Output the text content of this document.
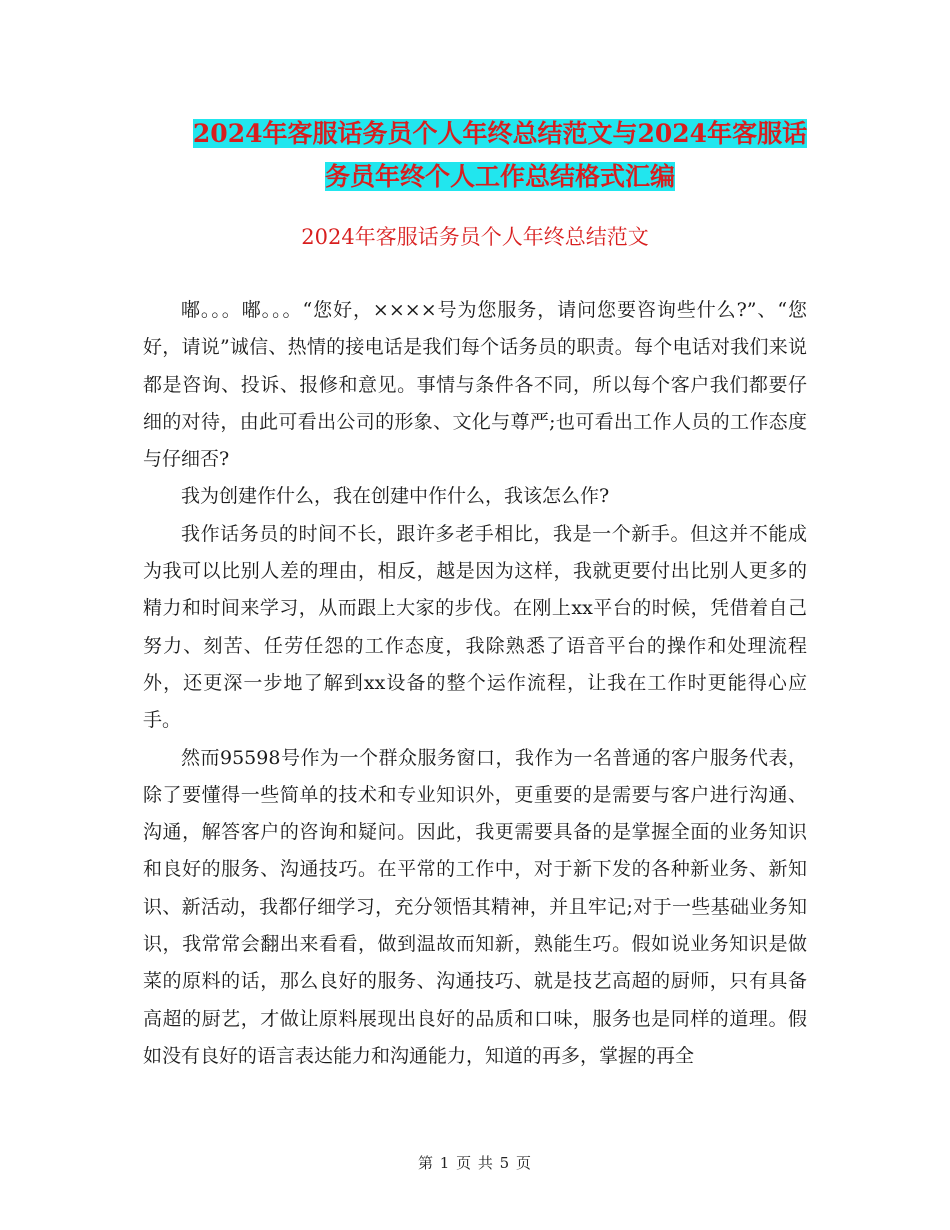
2024年客服话务员个人年终总结范文与2024年客服话
务员年终个人工作总结格式汇编
2024年客服话务员个人年终总结范文

嘟。。。嘟。。。“您好，××××号为您服务，请问您要咨询些什么?”、“您好，请说”诚信、热情的接电话是我们每个话务员的职责。每个电话对我们来说都是咨询、投诉、报修和意见。事情与条件各不同，所以每个客户我们都要仔细的对待，由此可看出公司的形象、文化与尊严;也可看出工作人员的工作态度与仔细否?

我为创建作什么，我在创建中作什么，我该怎么作?

我作话务员的时间不长，跟许多老手相比，我是一个新手。但这并不能成为我可以比别人差的理由，相反，越是因为这样，我就更要付出比别人更多的精力和时间来学习，从而跟上大家的步伐。在刚上xx平台的时候，凭借着自己努力、刻苦、任劳任怨的工作态度，我除熟悉了语音平台的操作和处理流程外，还更深一步地了解到xx设备的整个运作流程，让我在工作时更能得心应手。

然而95598号作为一个群众服务窗口，我作为一名普通的客户服务代表，除了要懂得一些简单的技术和专业知识外，更重要的是需要与客户进行沟通、沟通，解答客户的咨询和疑问。因此，我更需要具备的是掌握全面的业务知识和良好的服务、沟通技巧。在平常的工作中，对于新下发的各种新业务、新知识、新活动，我都仔细学习，充分领悟其精神，并且牢记;对于一些基础业务知识，我常常会翻出来看看，做到温故而知新，熟能生巧。假如说业务知识是做菜的原料的话，那么良好的服务、沟通技巧、就是技艺高超的厨师，只有具备高超的厨艺，才做让原料展现出良好的品质和口味，服务也是同样的道理。假如没有良好的语言表达能力和沟通能力，知道的再多，掌握的再全

第 1 页 共 5 页
